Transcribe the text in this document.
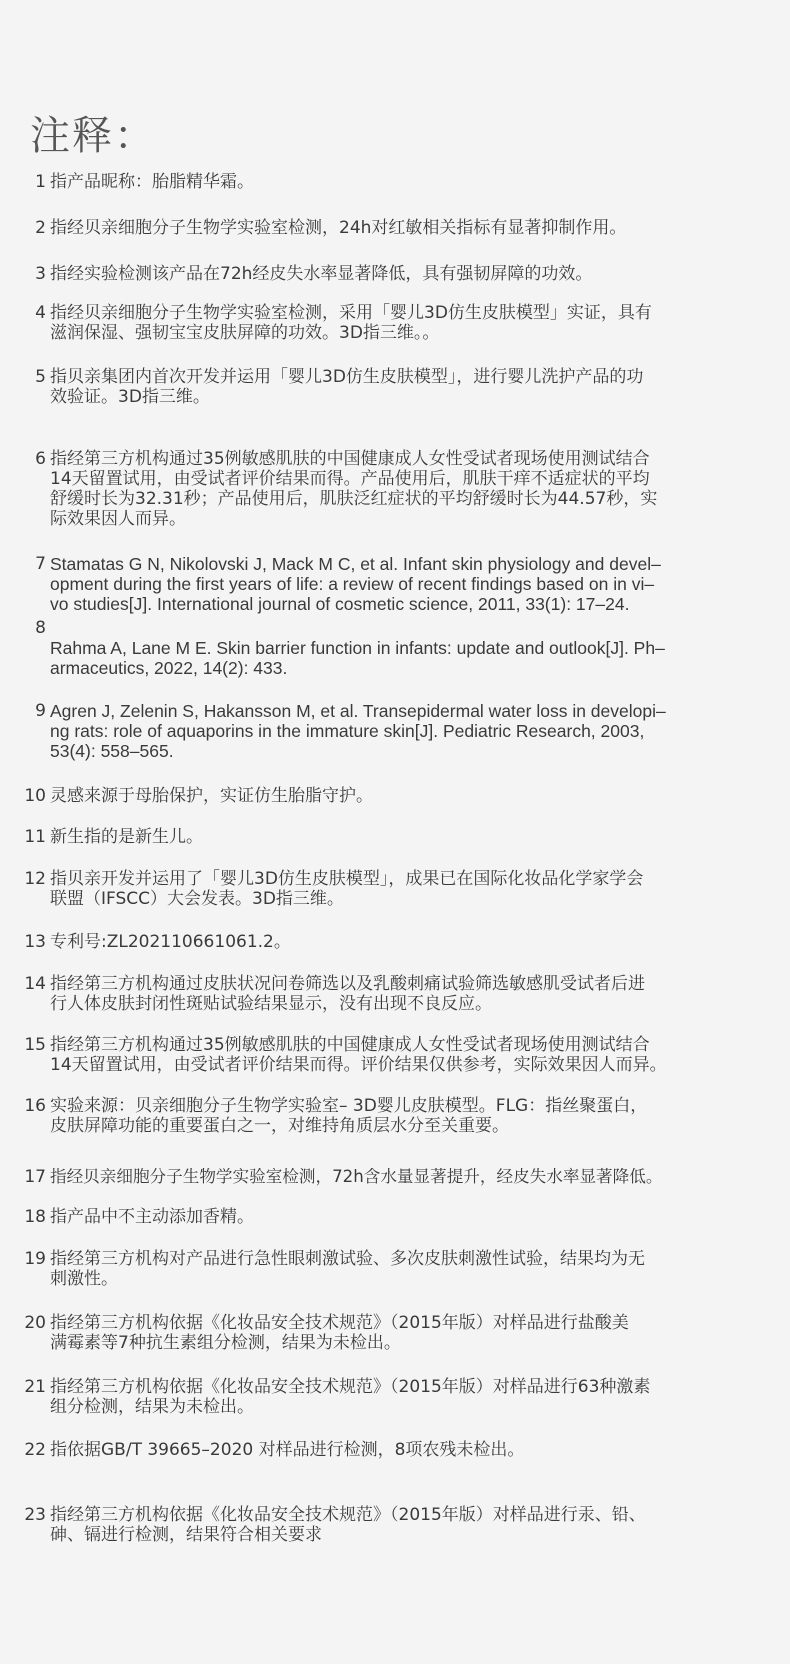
注释：
1 指产品昵称：胎脂精华霜。
2 指经贝亲细胞分子生物学实验室检测，24h对红敏相关指标有显著抑制作用。
3 指经实验检测该产品在72h经皮失水率显著降低，具有强韧屏障的功效。
4 指经贝亲细胞分子生物学实验室检测，采用「婴儿3D仿生皮肤模型」实证，具有
滋润保湿、强韧宝宝皮肤屏障的功效。3D指三维。。
5 指贝亲集团内首次开发并运用「婴儿3D仿生皮肤模型」，进行婴儿洗护产品的功
效验证。3D指三维。
6 指经第三方机构通过35例敏感肌肤的中国健康成人女性受试者现场使用测试结合
14天留置试用，由受试者评价结果而得。产品使用后，肌肤干痒不适症状的平均
舒缓时长为32.31秒；产品使用后，肌肤泛红症状的平均舒缓时长为44.57秒，实
际效果因人而异。
7 Stamatas G N, Nikolovski J, Mack M C, et al. Infant skin physiology and devel–
opment during the first years of life: a review of recent findings based on in vi–
vo studies[J]. International journal of cosmetic science, 2011, 33(1): 17–24.
8
Rahma A, Lane M E. Skin barrier function in infants: update and outlook[J]. Ph–
armaceutics, 2022, 14(2): 433.
9 Agren J, Zelenin S, Hakansson M, et al. Transepidermal water loss in developi–
ng rats: role of aquaporins in the immature skin[J]. Pediatric Research, 2003,
53(4): 558–565.
10 灵感来源于母胎保护，实证仿生胎脂守护。
11 新生指的是新生儿。
12 指贝亲开发并运用了「婴儿3D仿生皮肤模型」，成果已在国际化妆品化学家学会
联盟（IFSCC）大会发表。3D指三维。
13 专利号:ZL202110661061.2。
14 指经第三方机构通过皮肤状况问卷筛选以及乳酸刺痛试验筛选敏感肌受试者后进
行人体皮肤封闭性斑贴试验结果显示，没有出现不良反应。
15 指经第三方机构通过35例敏感肌肤的中国健康成人女性受试者现场使用测试结合
14天留置试用，由受试者评价结果而得。评价结果仅供参考，实际效果因人而异。
16 实验来源：贝亲细胞分子生物学实验室– 3D婴儿皮肤模型。FLG：指丝聚蛋白，
皮肤屏障功能的重要蛋白之一，对维持角质层水分至关重要。
17 指经贝亲细胞分子生物学实验室检测，72h含水量显著提升，经皮失水率显著降低。
18 指产品中不主动添加香精。
19 指经第三方机构对产品进行急性眼刺激试验、多次皮肤刺激性试验，结果均为无
刺激性。
20 指经第三方机构依据《化妆品安全技术规范》（2015年版）对样品进行盐酸美
满霉素等7种抗生素组分检测，结果为未检出。
21 指经第三方机构依据《化妆品安全技术规范》（2015年版）对样品进行63种激素
组分检测，结果为未检出。
22 指依据GB/T 39665–2020 对样品进行检测，8项农残未检出。
23 指经第三方机构依据《化妆品安全技术规范》（2015年版）对样品进行汞、铅、
砷、镉进行检测，结果符合相关要求
